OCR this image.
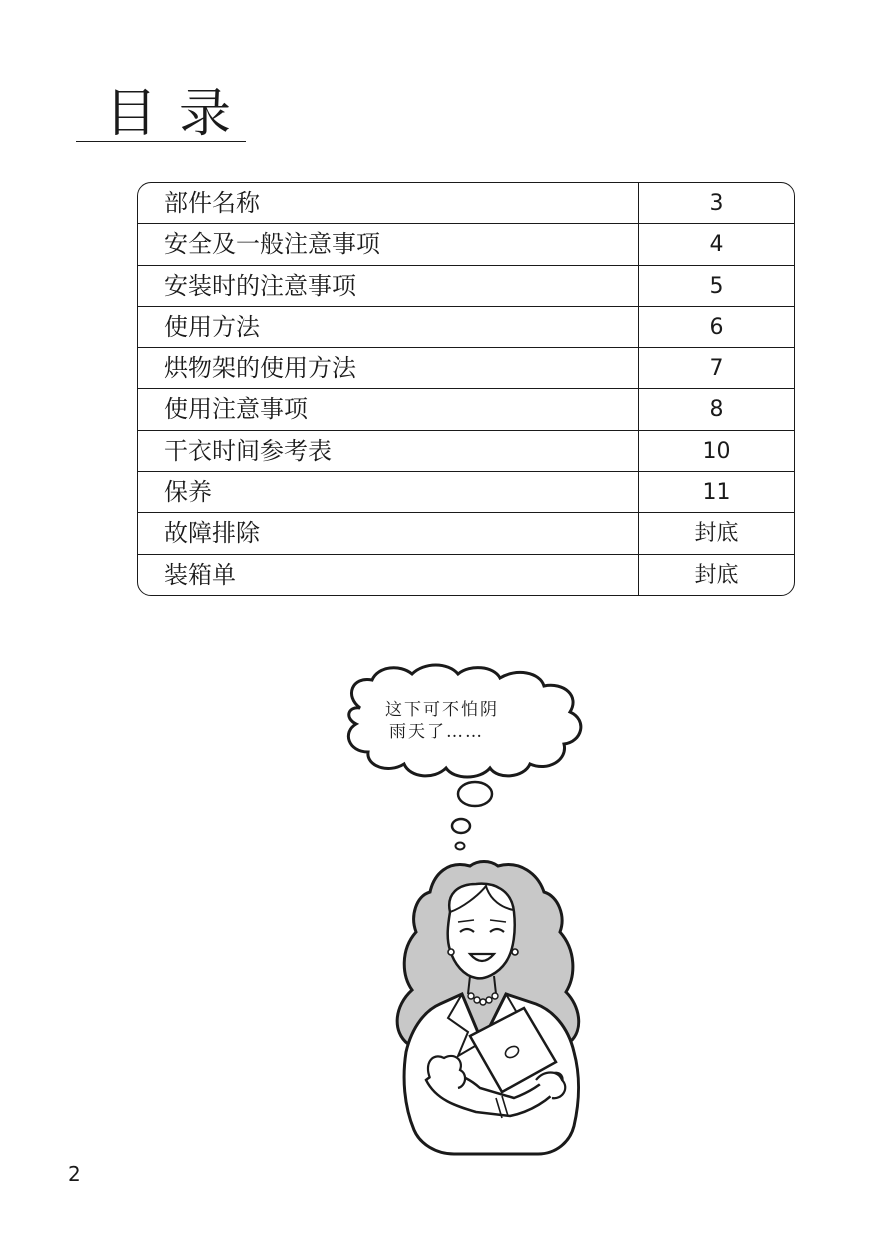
目录
部件名称	3
安全及一般注意事项	4
安装时的注意事项	5
使用方法	6
烘物架的使用方法	7
使用注意事项	8
干衣时间参考表	10
保养	11
故障排除	封底
装箱单	封底
这下可不怕阴
雨天了……
2
